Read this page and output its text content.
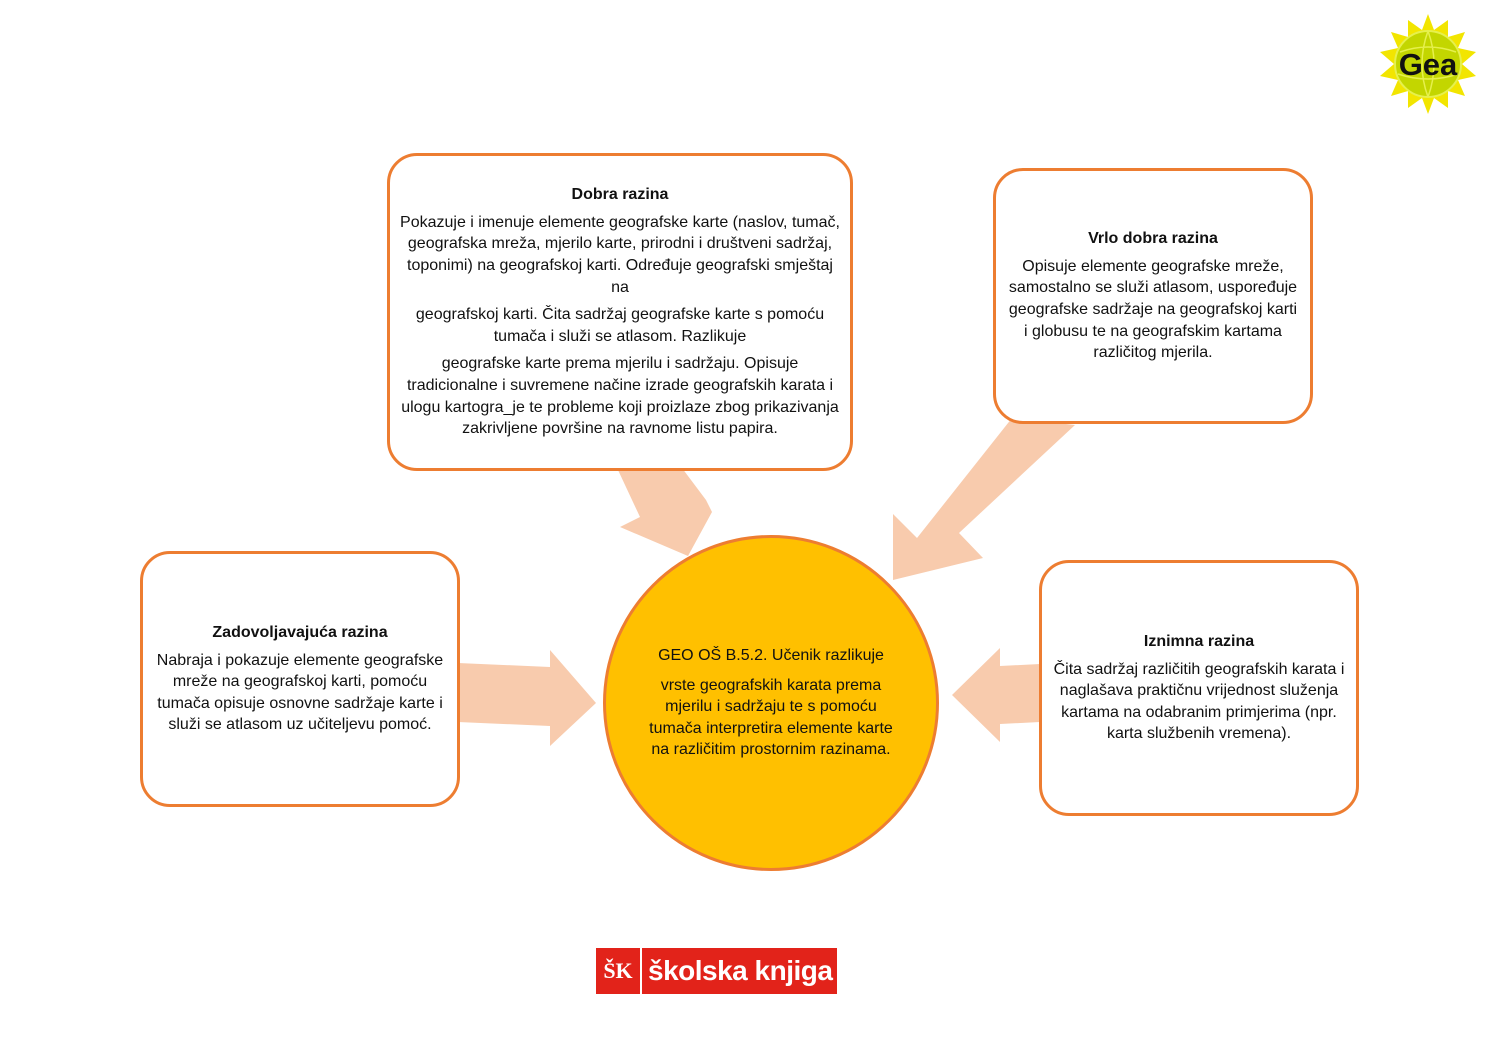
Dobra razina

Pokazuje i imenuje elemente geografske karte (naslov, tumač, geografska mreža, mjerilo karte, prirodni i društveni sadržaj, toponimi) na geografskoj karti. Određuje geografski smještaj na

geografskoj karti. Čita sadržaj geografske karte s pomoću tumača i služi se atlasom. Razlikuje

geografske karte prema mjerilu i sadržaju. Opisuje tradicionalne i suvremene načine izrade geografskih karata i ulogu kartogra_je te probleme koji proizlaze zbog prikazivanja zakrivljene površine na ravnome listu papira.

Vrlo dobra razina

Opisuje elemente geografske mreže, samostalno se služi atlasom, uspoređuje geografske sadržaje na geografskoj karti i globusu te na geografskim kartama različitog mjerila.

Zadovoljavajuća razina

Nabraja i pokazuje elemente geografske mreže na geografskoj karti, pomoću tumača opisuje osnovne sadržaje karte i služi se atlasom uz učiteljevu pomoć.

Iznimna razina

Čita sadržaj različitih geografskih karata i naglašava praktičnu vrijednost služenja kartama na odabranim primjerima (npr. karta službenih vremena).

GEO OŠ B.5.2. Učenik razlikuje

vrste geografskih karata prema mjerilu i sadržaju te s pomoću tumača interpretira elemente karte na različitim prostornim razinama.

Gea
ŠK školska knjiga
